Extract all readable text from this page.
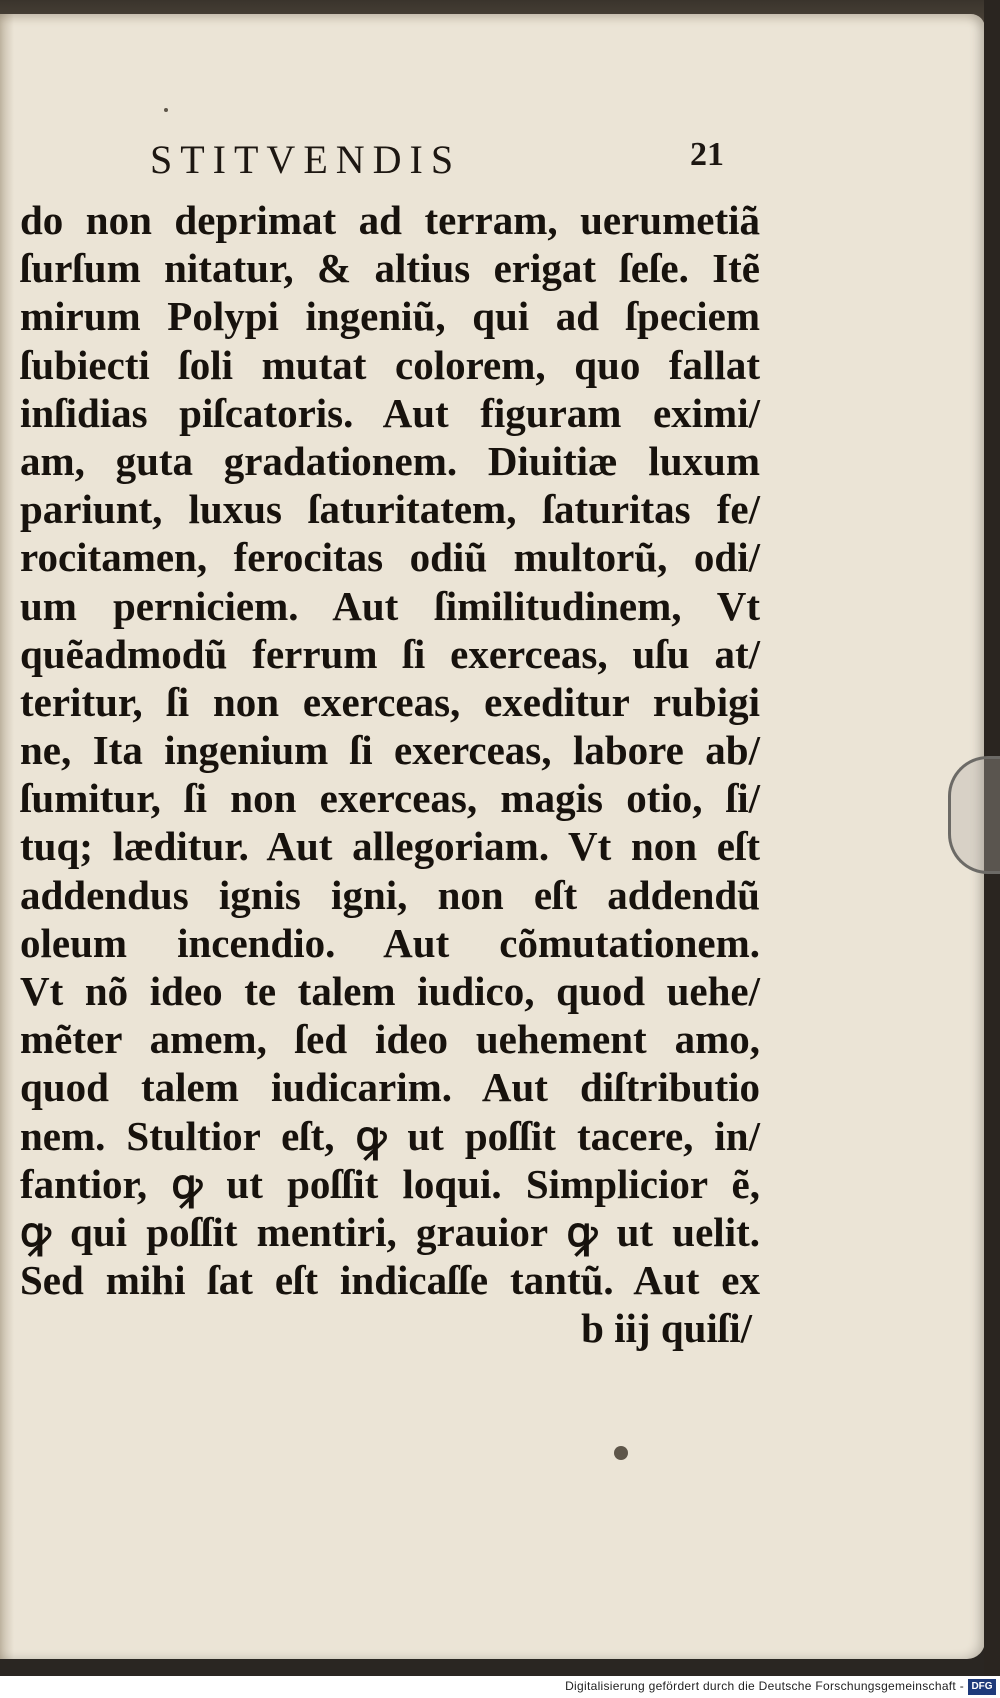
STITVENDIS	21
do non deprimat ad terram, uerumetiã
ſurſum nitatur, & altius erigat ſeſe. Itẽ
mirum Polypi ingeniũ, qui ad ſpeciem
ſubiecti ſoli mutat colorem, quo fallat
inſidias piſcatoris. Aut figuram eximi/
am, guta gradationem. Diuitiæ luxum
pariunt, luxus ſaturitatem, ſaturitas fe/
rocitamen, ferocitas odiũ multorũ, odi/
um perniciem. Aut ſimilitudinem, Vt
quẽadmodũ ferrum ſi exerceas, uſu at/
teritur, ſi non exerceas, exeditur rubigi
ne, Ita ingenium ſi exerceas, labore ab/
ſumitur, ſi non exerceas, magis otio, ſi/
tuq; læditur. Aut allegoriam. Vt non eſt
addendus ignis igni, non eſt addendũ
oleum incendio. Aut cõmutationem.
Vt nõ ideo te talem iudico, quod uehe/
mẽter amem, ſed ideo uehement amo,
quod talem iudicarim. Aut diſtributio
nem. Stultior eſt, ꝙ ut poſſit tacere, in/
fantior, ꝙ ut poſſit loqui. Simplicior ẽ,
ꝙ qui poſſit mentiri, grauior ꝙ ut uelit.
Sed mihi ſat eſt indicaſſe tantũ. Aut ex
b iij quiſi/
Digitalisierung gefördert durch die Deutsche Forschungsgemeinschaft - DFG
